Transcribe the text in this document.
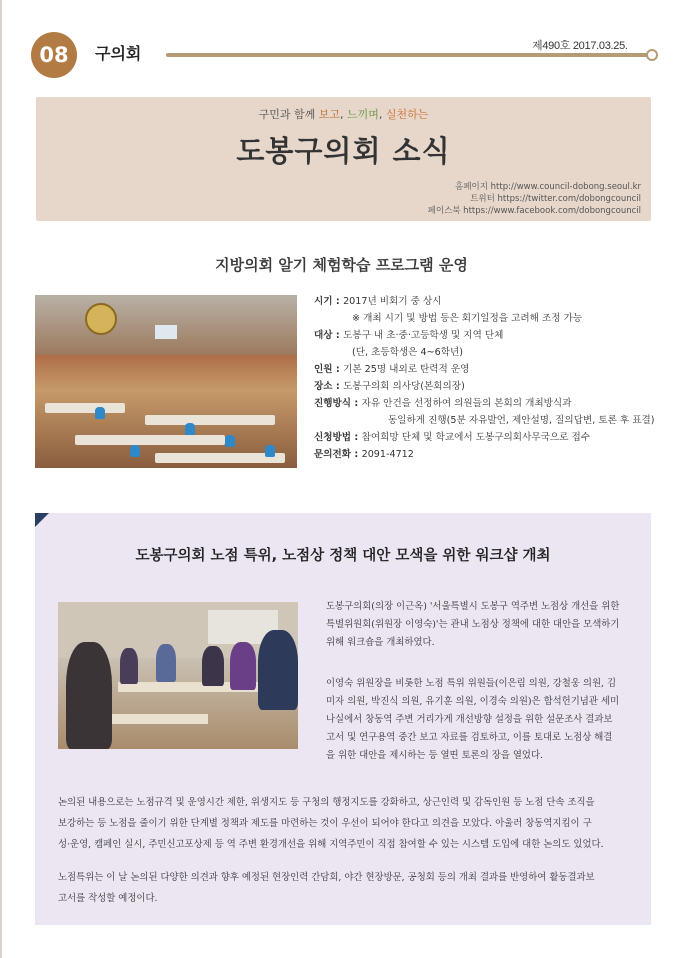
08 구의회	제490호 2017.03.25.
구민과 함께 보고, 느끼며, 실천하는
도봉구의회 소식
홈페이지 http://www.council-dobong.seoul.kr
트위터 https://twitter.com/dobongcouncil
페이스북 https://www.facebook.com/dobongcouncil
지방의회 알기 체험학습 프로그램 운영
시기 : 2017년 비회기 중 상시
※ 개최 시기 및 방법 등은 회기일정을 고려해 조정 가능
대상 : 도봉구 내 초·중·고등학생 및 지역 단체
(단, 초등학생은 4~6학년)
인원 : 기본 25명 내외로 탄력적 운영
장소 : 도봉구의회 의사당(본회의장)
진행방식 : 자유 안건을 선정하여 의원들의 본회의 개최방식과
동일하게 진행(5분 자유발언, 제안설명, 질의답변, 토론 후 표결)
신청방법 : 참여희망 단체 및 학교에서 도봉구의회사무국으로 접수
문의전화 : 2091-4712
도봉구의회 노점 특위, 노점상 정책 대안 모색을 위한 워크샵 개최

도봉구의회(의장 이근옥) '서울특별시 도봉구 역주변 노점상 개선을 위한

특별위원회(위원장 이영숙)'는 관내 노점상 정책에 대한 대안을 모색하기

위해 워크숍을 개최하였다.

이영숙 위원장을 비롯한 노점 특위 위원들(이은림 의원, 강철웅 의원, 김

미자 의원, 박진식 의원, 유기훈 의원, 이경숙 의원)은 합석헌기념관 세미

나실에서 창동역 주변 거리가게 개선방향 설정을 위한 설문조사 결과보

고서 및 연구용역 중간 보고 자료를 검토하고, 이를 토대로 노점상 해결

을 위한 대안을 제시하는 등 열띤 토론의 장을 열었다.

논의된 내용으로는 노점규격 및 운영시간 제한, 위생지도 등 구청의 행정지도를 강화하고, 상근인력 및 감독인원 등 노점 단속 조직을

보강하는 등 노점을 줄이기 위한 단계별 정책과 제도를 마련하는 것이 우선이 되어야 한다고 의견을 모았다. 아울러 창동역지킴이 구

성·운영, 캠페인 실시, 주민신고포상제 등 역 주변 환경개선을 위해 지역주민이 직접 참여할 수 있는 시스템 도입에 대한 논의도 있었다.

노점특위는 이 날 논의된 다양한 의견과 향후 예정된 현장인력 간담회, 야간 현장방문, 공청회 등의 개최 결과를 반영하여 활동결과보

고서를 작성할 예정이다.
